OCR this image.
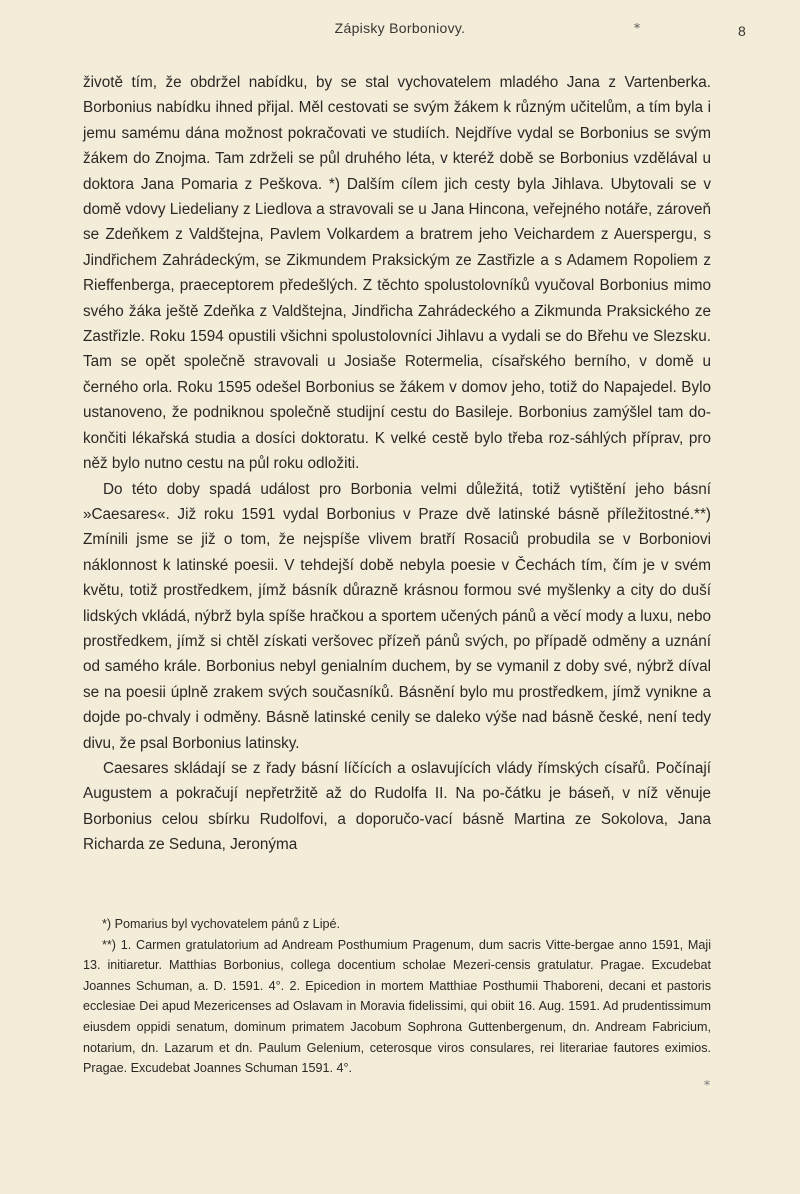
Zápisky Borboniovy.	*	8

životě tím, že obdržel nabídku, by se stal vychovatelem mladého Jana z Vartenberka. Borbonius nabídku ihned přijal. Měl cestovati se svým žákem k různým učitelům, a tím byla i jemu samému dána možnost pokračovati ve studiích. Nejdříve vydal se Borbonius se svým žákem do Znojma. Tam zdrželi se půl druhého léta, v kteréž době se Borbonius vzdělával u doktora Jana Pomaria z Peškova. *) Dalším cílem jich cesty byla Jihlava. Ubytovali se v domě vdovy Liedeliany z Liedlova a stravovali se u Jana Hincona, veřejného notáře, zároveň se Zdeňkem z Valdštejna, Pavlem Volkardem a bratrem jeho Veichardem z Auerspergu, s Jindřichem Zahrádeckým, se Zikmundem Praksickým ze Zastřizle a s Adamem Ropoliem z Rieffenberga, praeceptorem předešlých. Z těchto spolustolovníků vyučoval Borbonius mimo svého žáka ještě Zdeňka z Valdštejna, Jindřicha Zahrádeckého a Zikmunda Praksického ze Zastřizle. Roku 1594 opustili všichni spolustolovníci Jihlavu a vydali se do Břehu ve Slezsku. Tam se opět společně stravovali u Josiaše Rotermelia, císařského berního, v domě u černého orla. Roku 1595 odešel Borbonius se žákem v domov jeho, totiž do Napajedel. Bylo ustanoveno, že podniknou společně studijní cestu do Basileje. Borbonius zamýšlel tam do-končiti lékařská studia a dosíci doktoratu. K velké cestě bylo třeba roz-sáhlých příprav, pro něž bylo nutno cestu na půl roku odložiti.

Do této doby spadá událost pro Borbonia velmi důležitá, totiž vytištění jeho básní »Caesares«. Již roku 1591 vydal Borbonius v Praze dvě latinské básně příležitostné.**) Zmínili jsme se již o tom, že nejspíše vlivem bratří Rosaciů probudila se v Borboniovi náklonnost k latinské poesii. V tehdejší době nebyla poesie v Čechách tím, čím je v svém květu, totiž prostředkem, jímž básník důrazně krásnou formou své myšlenky a city do duší lidských vkládá, nýbrž byla spíše hračkou a sportem učených pánů a věcí mody a luxu, nebo prostředkem, jímž si chtěl získati veršovec přízeň pánů svých, po případě odměny a uznání od samého krále. Borbonius nebyl genialním duchem, by se vymanil z doby své, nýbrž díval se na poesii úplně zrakem svých současníků. Básnění bylo mu prostředkem, jímž vynikne a dojde po-chvaly i odměny. Básně latinské cenily se daleko výše nad básně české, není tedy divu, že psal Borbonius latinsky.

Caesares skládají se z řady básní líčících a oslavujících vlády římských císařů. Počínají Augustem a pokračují nepřetržitě až do Rudolfa II. Na po-čátku je báseň, v níž věnuje Borbonius celou sbírku Rudolfovi, a doporučo-vací básně Martina ze Sokolova, Jana Richarda ze Seduna, Jeronýma

*) Pomarius byl vychovatelem pánů z Lipé.

**) 1. Carmen gratulatorium ad Andream Posthumium Pragenum, dum sacris Vitte-bergae anno 1591, Maji 13. initiaretur. Matthias Borbonius, collega docentium scholae Mezeri-censis gratulatur. Pragae. Excudebat Joannes Schuman, a. D. 1591. 4°. 2. Epicedion in mortem Matthiae Posthumii Thaboreni, decani et pastoris ecclesiae Dei apud Mezericenses ad Oslavam in Moravia fidelissimi, qui obiit 16. Aug. 1591. Ad prudentissimum eiusdem oppidi senatum, dominum primatem Jacobum Sophrona Guttenbergenum, dn. Andream Fabricium, notarium, dn. Lazarum et dn. Paulum Gelenium, ceterosque viros consulares, rei literariae fautores eximios. Pragae. Excudebat Joannes Schuman 1591. 4°.

*
